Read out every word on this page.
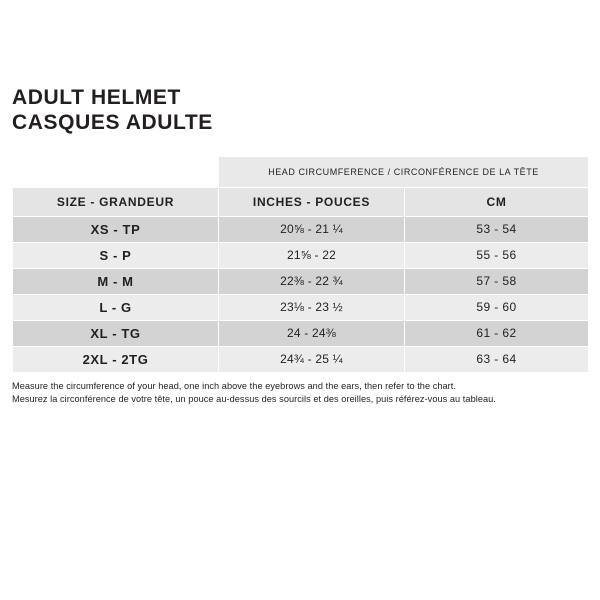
ADULT HELMET
CASQUES ADULTE
	HEAD CIRCUMFERENCE / CIRCONFÉRENCE DE LA TÊTE	
SIZE - GRANDEUR	INCHES - POUCES	CM
XS - TP	20⅝ - 21 ¼	53 - 54
S - P	21⅝ - 22	55 - 56
M - M	22⅜ - 22 ¾	57 - 58
L - G	23⅛ - 23 ½	59 - 60
XL - TG	24 - 24⅜	61 - 62
2XL - 2TG	24¾ - 25 ¼	63 - 64
Measure the circumference of your head, one inch above the eyebrows and the ears, then refer to the chart.
Mesurez la circonférence de votre tête, un pouce au-dessus des sourcils et des oreilles, puis référez-vous au tableau.
